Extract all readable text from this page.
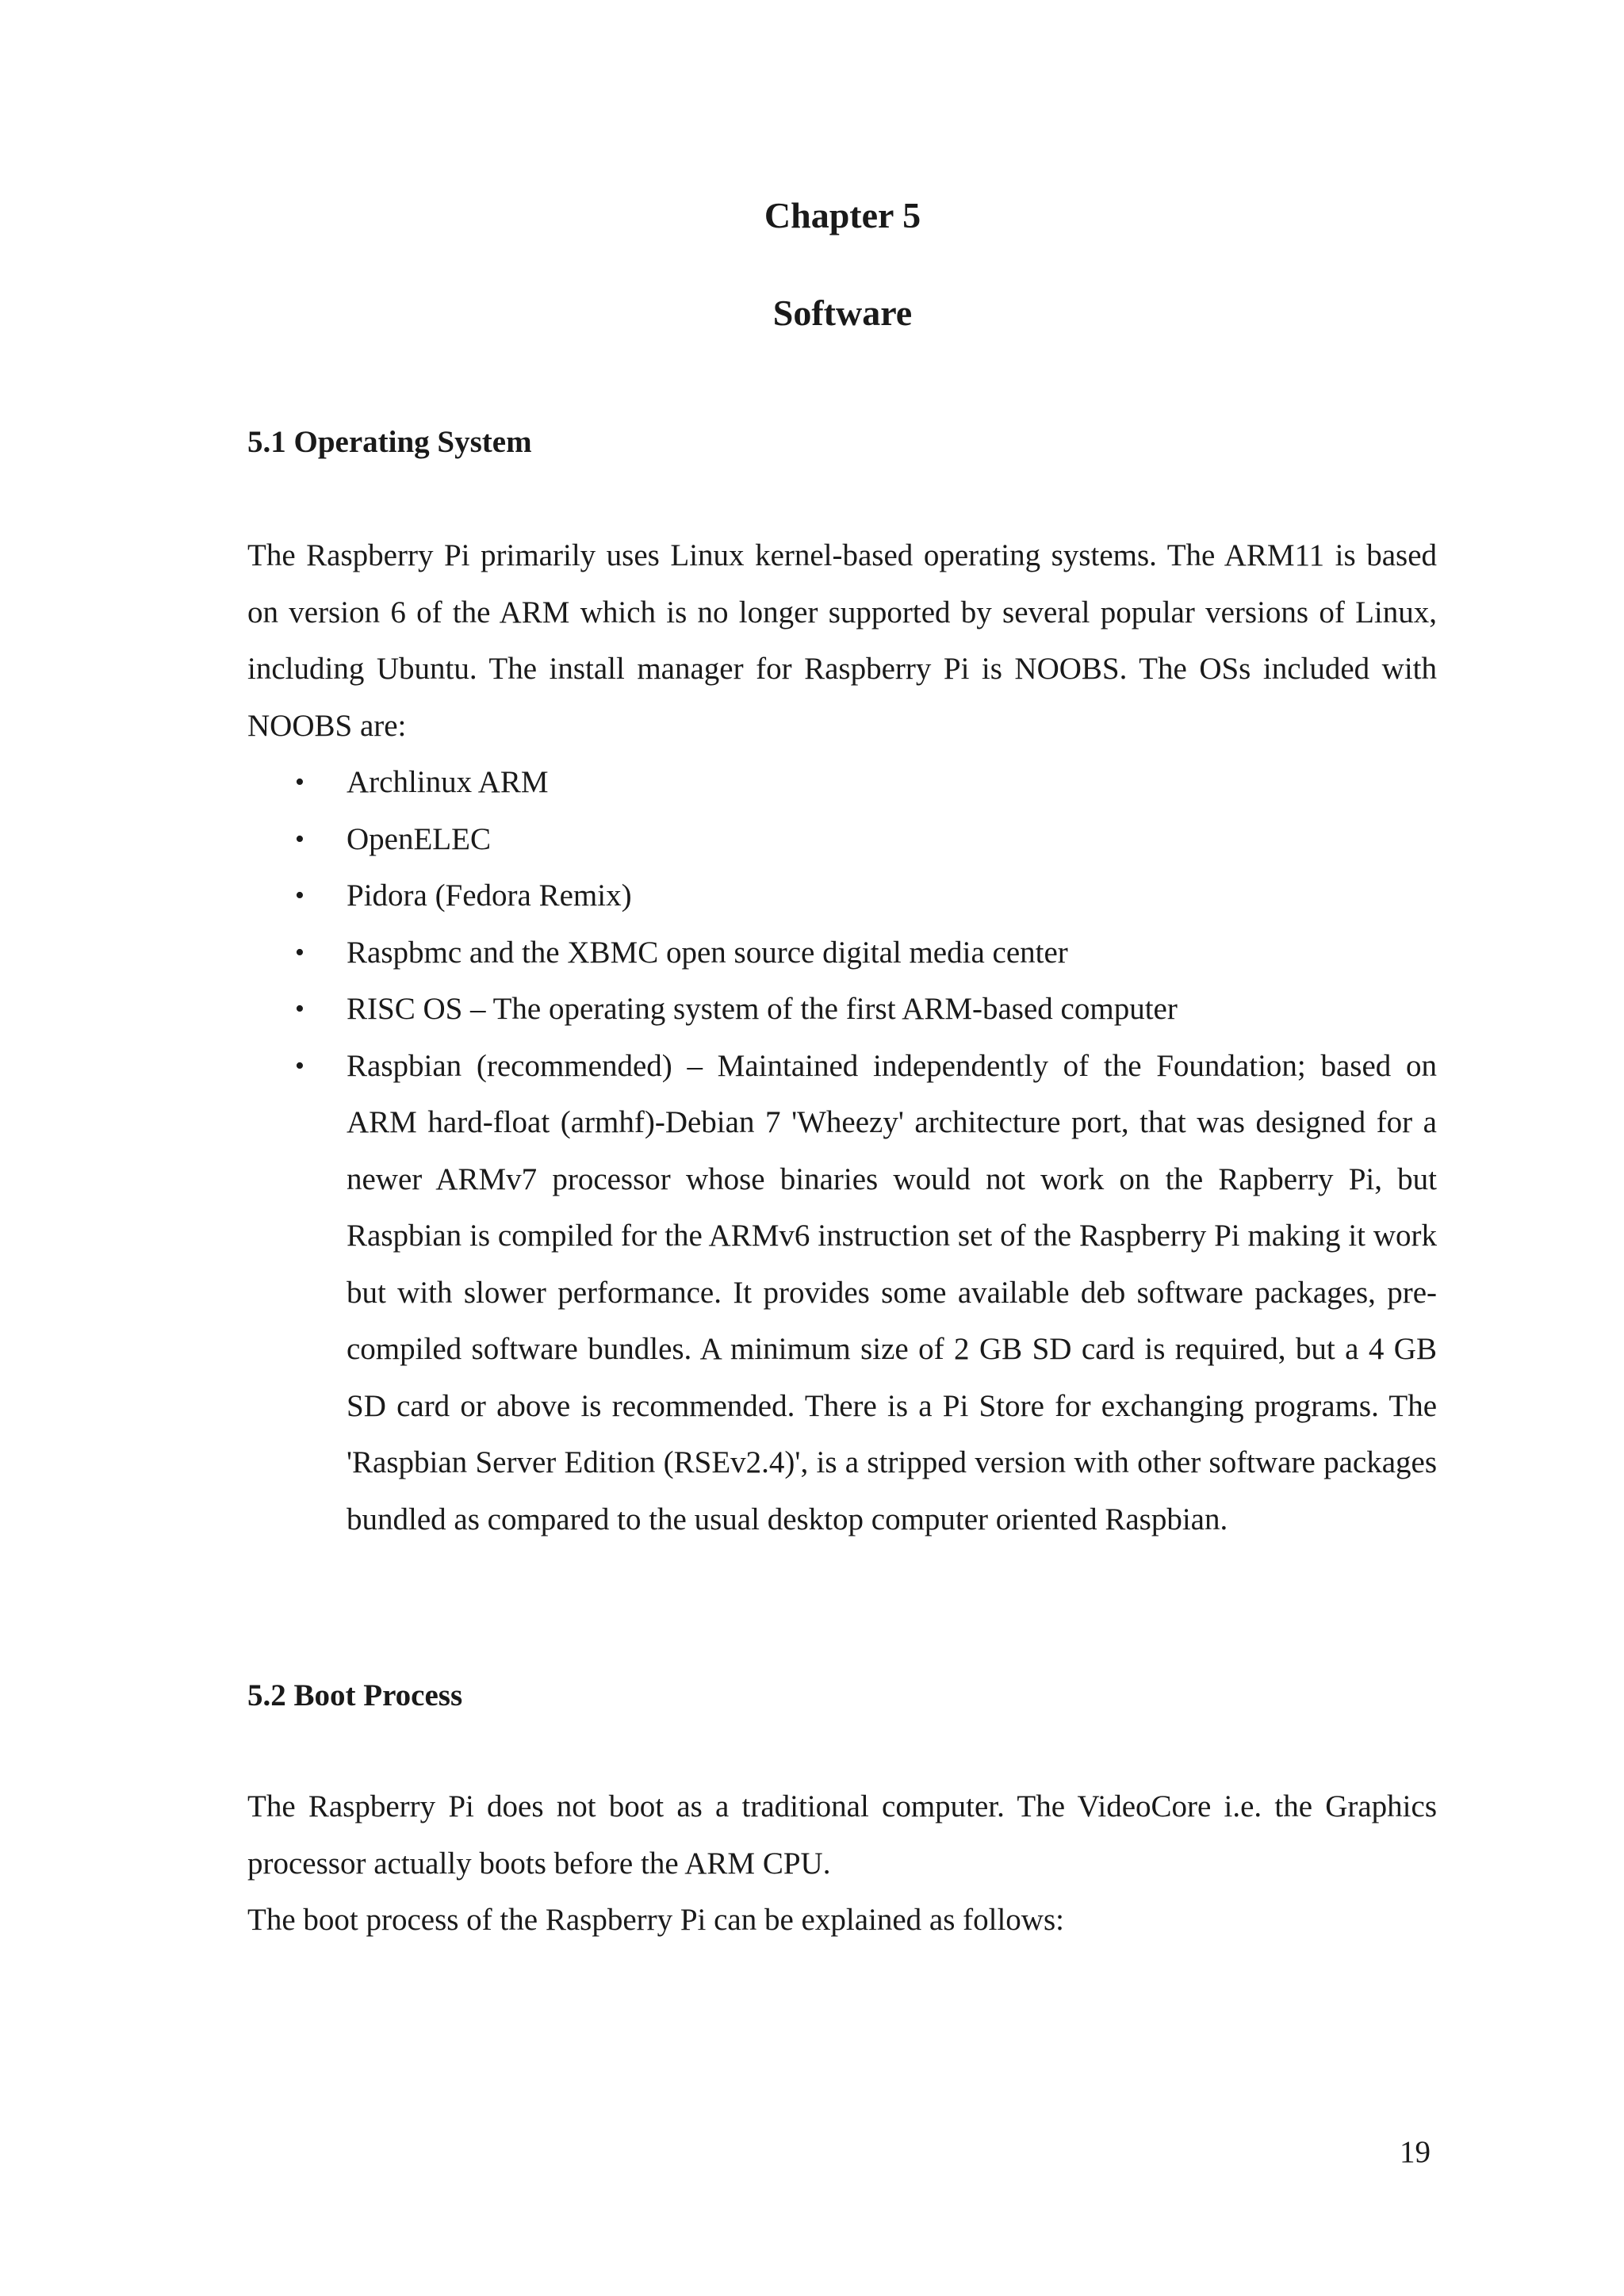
Chapter 5
Software
5.1 Operating System

The Raspberry Pi primarily uses Linux kernel-based operating systems. The ARM11 is based on version 6 of the ARM which is no longer supported by several popular versions of Linux, including Ubuntu. The install manager for Raspberry Pi is NOOBS. The OSs included with NOOBS are:

• Archlinux ARM
• OpenELEC
• Pidora (Fedora Remix)
• Raspbmc and the XBMC open source digital media center
• RISC OS – The operating system of the first ARM-based computer
• Raspbian (recommended) – Maintained independently of the Foundation; based on ARM hard-float (armhf)-Debian 7 'Wheezy' architecture port, that was designed for a newer ARMv7 processor whose binaries would not work on the Rapberry Pi, but Raspbian is compiled for the ARMv6 instruction set of the Raspberry Pi making it work but with slower performance. It provides some available deb software packages, pre-compiled software bundles. A minimum size of 2 GB SD card is required, but a 4 GB SD card or above is recommended. There is a Pi Store for exchanging programs. The 'Raspbian Server Edition (RSEv2.4)', is a stripped version with other software packages bundled as compared to the usual desktop computer oriented Raspbian.
5.2 Boot Process

The Raspberry Pi does not boot as a traditional computer. The VideoCore i.e. the Graphics processor actually boots before the ARM CPU.

The boot process of the Raspberry Pi can be explained as follows:

19
